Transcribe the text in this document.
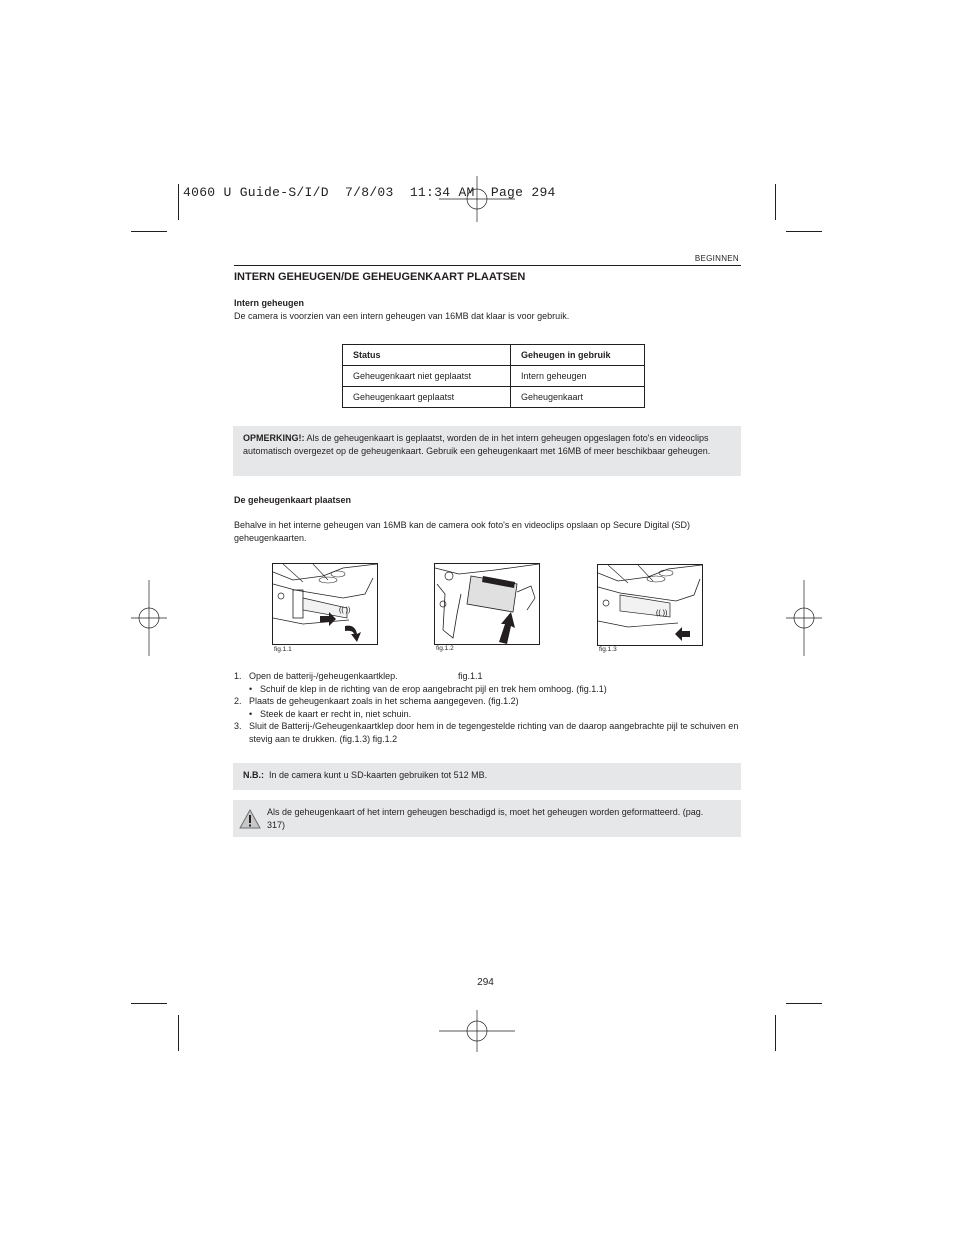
4060 U Guide-S/I/D  7/8/03  11:34 AM  Page 294
BEGINNEN
INTERN GEHEUGEN/DE GEHEUGENKAART PLAATSEN
Intern geheugen
De camera is voorzien van een intern geheugen van 16MB dat klaar is voor gebruik.
Status	Geheugen in gebruik
Geheugenkaart niet geplaatst	Intern geheugen
Geheugenkaart geplaatst	Geheugenkaart
OPMERKING!: Als de geheugenkaart is geplaatst, worden de in het intern geheugen opgeslagen foto's en videoclips automatisch overgezet op de geheugenkaart. Gebruik een geheugenkaart met 16MB of meer beschikbaar geheugen.
De geheugenkaart plaatsen
Behalve in het interne geheugen van 16MB kan de camera ook foto's en videoclips opslaan op Secure Digital (SD) geheugenkaarten.
(( ))
fig.1.1	fig.1.2
(( ))
fig.1.3
1. Open de batterij-/geheugenkaartklep.	fig.1.1
• Schuif de klep in de richting van de erop aangebracht pijl en trek hem omhoog. (fig.1.1)
2. Plaats de geheugenkaart zoals in het schema aangegeven. (fig.1.2)
• Steek de kaart er recht in, niet schuin.
3. Sluit de Batterij-/Geheugenkaartklep door hem in de tegengestelde richting van de daarop aangebrachte pijl te schuiven en stevig aan te drukken. (fig.1.3) fig.1.2
N.B.: In de camera kunt u SD-kaarten gebruiken tot 512 MB.
Als de geheugenkaart of het intern geheugen beschadigd is, moet het geheugen worden geformatteerd. (pag. 317)
294
